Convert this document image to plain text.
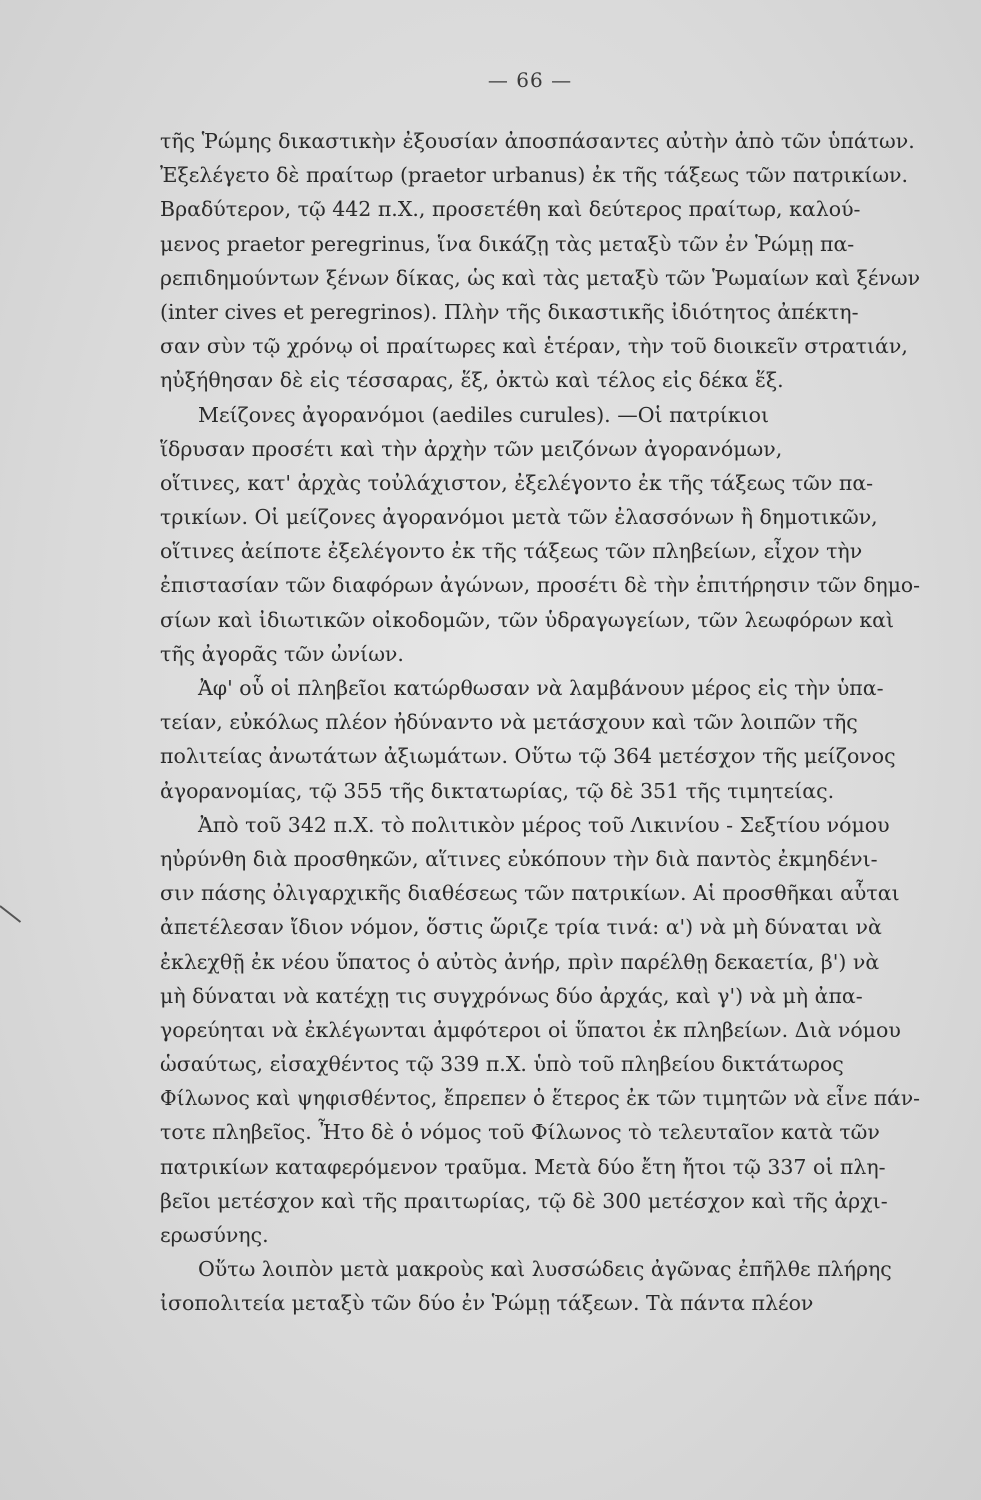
— 66 —
τῆς Ῥώμης δικαστικὴν ἐξουσίαν ἀποσπάσαντες αὐτὴν ἀπὸ τῶν ὑπάτων.
Ἐξελέγετο δὲ πραίτωρ (praetor urbanus) ἐκ τῆς τάξεως τῶν πατρικίων.
Βραδύτερον, τῷ 442 π.Χ., προσετέθη καὶ δεύτερος πραίτωρ, καλού-
μενος praetor peregrinus, ἵνα δικάζῃ τὰς μεταξὺ τῶν ἐν Ῥώμῃ πα-
ρεπιδημούντων ξένων δίκας, ὡς καὶ τὰς μεταξὺ τῶν Ῥωμαίων καὶ ξένων
(inter cives et peregrinos). Πλὴν τῆς δικαστικῆς ἰδιότητος ἀπέκτη-
σαν σὺν τῷ χρόνῳ οἱ πραίτωρες καὶ ἑτέραν, τὴν τοῦ διοικεῖν στρατιάν,
ηὐξήθησαν δὲ εἰς τέσσαρας, ἕξ, ὀκτὼ καὶ τέλος εἰς δέκα ἕξ.
Μείζονες ἀγορανόμοι (aediles curules). —Οἱ πατρίκιοι
ἵδρυσαν προσέτι καὶ τὴν ἀρχὴν τῶν μειζόνων ἀγορανόμων,
οἵτινες, κατ' ἀρχὰς τοὐλάχιστον, ἐξελέγοντο ἐκ τῆς τάξεως τῶν πα-
τρικίων. Οἱ μείζονες ἀγορανόμοι μετὰ τῶν ἐλασσόνων ἢ δημοτικῶν,
οἵτινες ἀείποτε ἐξελέγοντο ἐκ τῆς τάξεως τῶν πληβείων, εἶχον τὴν
ἐπιστασίαν τῶν διαφόρων ἀγώνων, προσέτι δὲ τὴν ἐπιτήρησιν τῶν δημο-
σίων καὶ ἰδιωτικῶν οἰκοδομῶν, τῶν ὑδραγωγείων, τῶν λεωφόρων καὶ
τῆς ἀγορᾶς τῶν ὠνίων.
Ἀφ' οὗ οἱ πληβεῖοι κατώρθωσαν νὰ λαμβάνουν μέρος εἰς τὴν ὑπα-
τείαν, εὐκόλως πλέον ἠδύναντο νὰ μετάσχουν καὶ τῶν λοιπῶν τῆς
πολιτείας ἀνωτάτων ἀξιωμάτων. Οὕτω τῷ 364 μετέσχον τῆς μείζονος
ἀγορανομίας, τῷ 355 τῆς δικτατωρίας, τῷ δὲ 351 τῆς τιμητείας.
Ἀπὸ τοῦ 342 π.Χ. τὸ πολιτικὸν μέρος τοῦ Λικινίου - Σεξτίου νόμου
ηὐρύνθη διὰ προσθηκῶν, αἵτινες εὐκόπουν τὴν διὰ παντὸς ἐκμηδένι-
σιν πάσης ὀλιγαρχικῆς διαθέσεως τῶν πατρικίων. Αἱ προσθῆκαι αὗται
ἀπετέλεσαν ἴδιον νόμον, ὅστις ὥριζε τρία τινά: α') νὰ μὴ δύναται νὰ
ἐκλεχθῇ ἐκ νέου ὕπατος ὁ αὐτὸς ἀνήρ, πρὶν παρέλθῃ δεκαετία, β') νὰ
μὴ δύναται νὰ κατέχῃ τις συγχρόνως δύο ἀρχάς, καὶ γ') νὰ μὴ ἀπα-
γορεύηται νὰ ἐκλέγωνται ἀμφότεροι οἱ ὕπατοι ἐκ πληβείων. Διὰ νόμου
ὡσαύτως, εἰσαχθέντος τῷ 339 π.Χ. ὑπὸ τοῦ πληβείου δικτάτωρος
Φίλωνος καὶ ψηφισθέντος, ἔπρεπεν ὁ ἕτερος ἐκ τῶν τιμητῶν νὰ εἶνε πάν-
τοτε πληβεῖος. Ἦτο δὲ ὁ νόμος τοῦ Φίλωνος τὸ τελευταῖον κατὰ τῶν
πατρικίων καταφερόμενον τραῦμα. Μετὰ δύο ἔτη ἤτοι τῷ 337 οἱ πλη-
βεῖοι μετέσχον καὶ τῆς πραιτωρίας, τῷ δὲ 300 μετέσχον καὶ τῆς ἀρχι-
ερωσύνης.
Οὕτω λοιπὸν μετὰ μακροὺς καὶ λυσσώδεις ἀγῶνας ἐπῆλθε πλήρης
ἰσοπολιτεία μεταξὺ τῶν δύο ἐν Ῥώμῃ τάξεων. Τὰ πάντα πλέον
